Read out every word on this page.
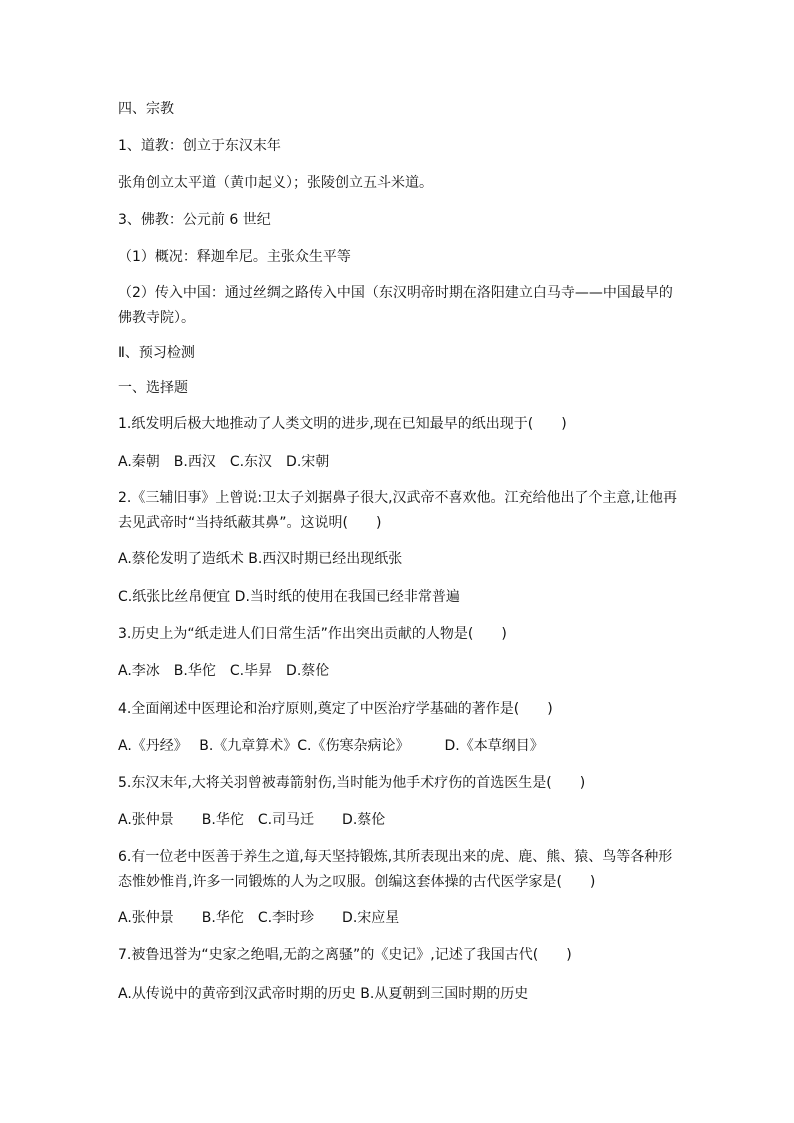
四、宗教
1、道教：创立于东汉末年
张角创立太平道（黄巾起义）；张陵创立五斗米道。
3、佛教：公元前 6 世纪
（1）概况：释迦牟尼。主张众生平等
（2）传入中国：通过丝绸之路传入中国（东汉明帝时期在洛阳建立白马寺——中国最早的佛教寺院）。
Ⅱ、预习检测
一、选择题
1.纸发明后极大地推动了人类文明的进步,现在已知最早的纸出现于(　　)
A.秦朝　B.西汉　C.东汉　D.宋朝
2.《三辅旧事》上曾说:卫太子刘据鼻子很大,汉武帝不喜欢他。江充给他出了个主意,让他再去见武帝时“当持纸蔽其鼻”。这说明(　　)
A.蔡伦发明了造纸术 B.西汉时期已经出现纸张
C.纸张比丝帛便宜 D.当时纸的使用在我国已经非常普遍
3.历史上为“纸走进人们日常生活”作出突出贡献的人物是(　　)
A.李冰　B.华佗　C.毕昇　D.蔡伦
4.全面阐述中医理论和治疗原则,奠定了中医治疗学基础的著作是(　　)
A.《丹经》　 B.《九章算术》C.《伤寒杂病论》　　　D.《本草纲目》
5.东汉末年,大将关羽曾被毒箭射伤,当时能为他手术疗伤的首选医生是(　　)
A.张仲景　　B.华佗　C.司马迁　　D.蔡伦
6.有一位老中医善于养生之道,每天坚持锻炼,其所表现出来的虎、鹿、熊、猿、鸟等各种形态惟妙惟肖,许多一同锻炼的人为之叹服。创编这套体操的古代医学家是(　　)
A.张仲景　　B.华佗　C.李时珍　　D.宋应星
7.被鲁迅誉为“史家之绝唱,无韵之离骚”的《史记》,记述了我国古代(　　)
A.从传说中的黄帝到汉武帝时期的历史 B.从夏朝到三国时期的历史
